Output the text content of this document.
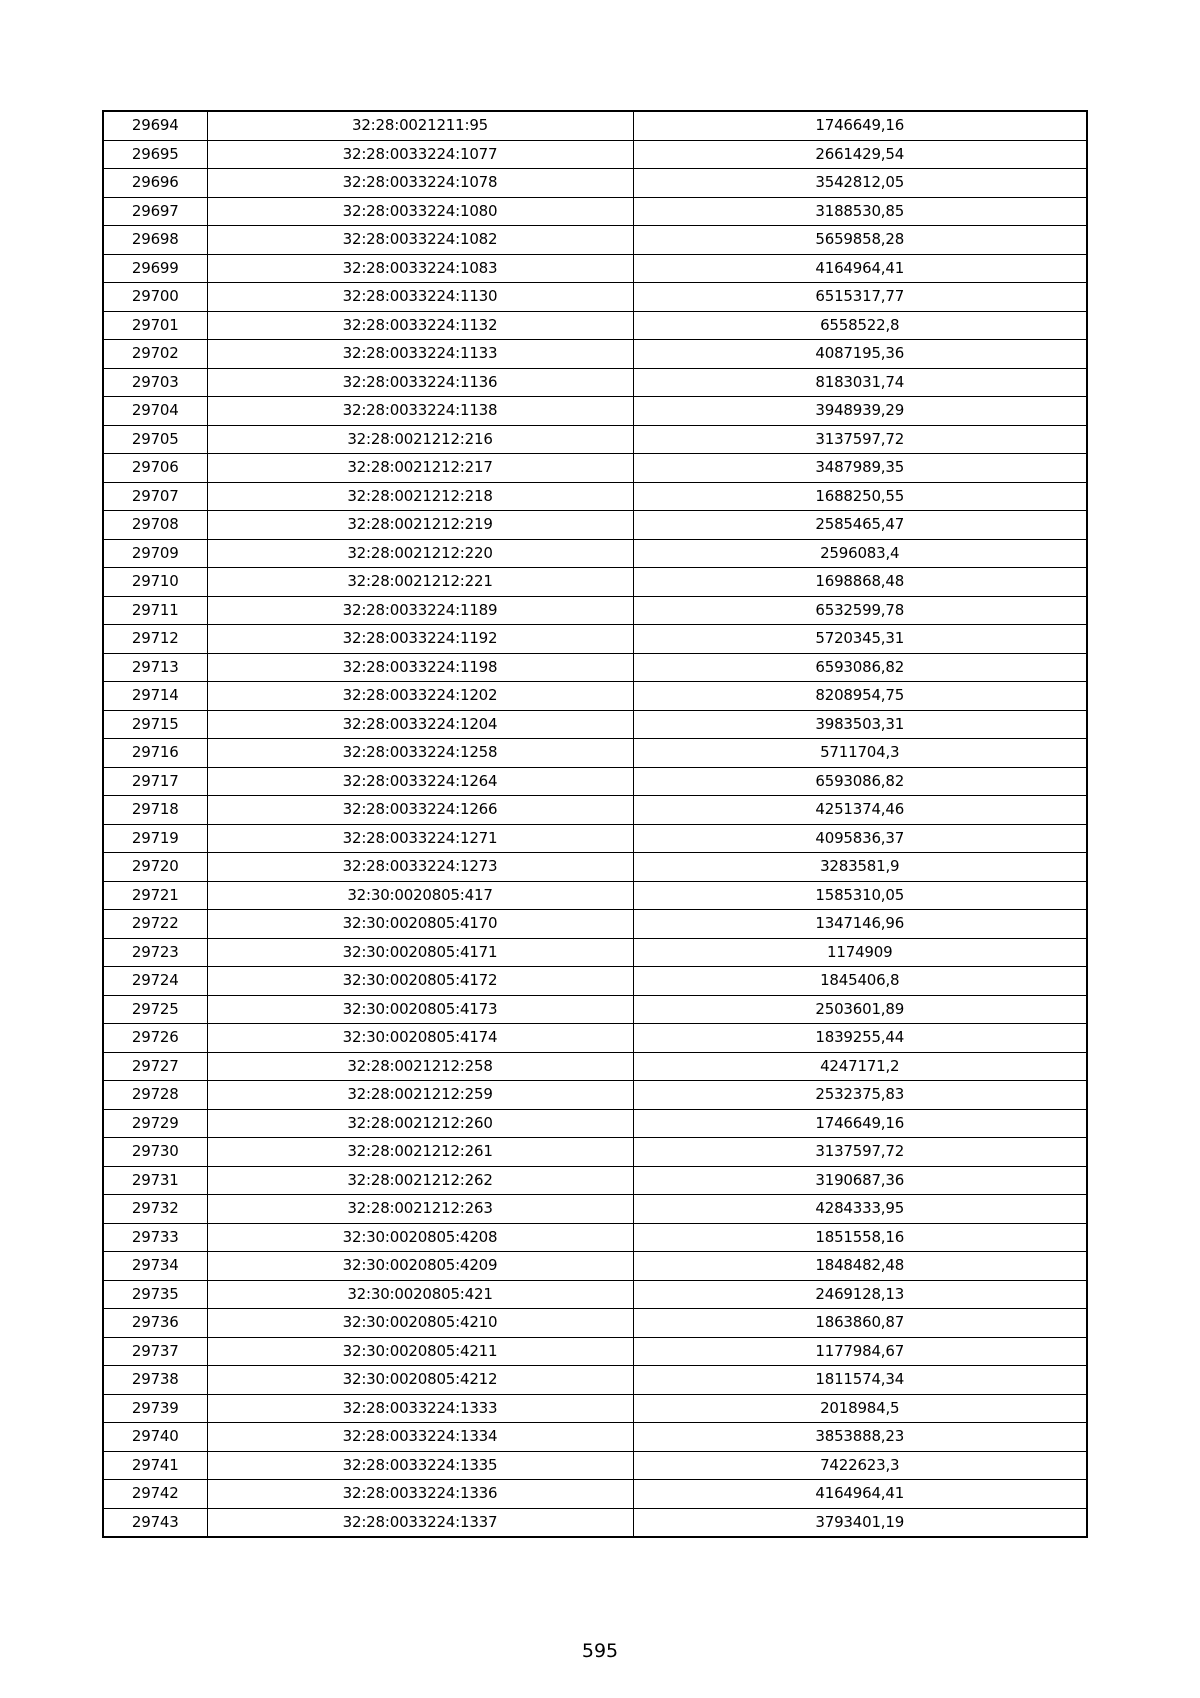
29694	32:28:0021211:95	1746649,16
29695	32:28:0033224:1077	2661429,54
29696	32:28:0033224:1078	3542812,05
29697	32:28:0033224:1080	3188530,85
29698	32:28:0033224:1082	5659858,28
29699	32:28:0033224:1083	4164964,41
29700	32:28:0033224:1130	6515317,77
29701	32:28:0033224:1132	6558522,8
29702	32:28:0033224:1133	4087195,36
29703	32:28:0033224:1136	8183031,74
29704	32:28:0033224:1138	3948939,29
29705	32:28:0021212:216	3137597,72
29706	32:28:0021212:217	3487989,35
29707	32:28:0021212:218	1688250,55
29708	32:28:0021212:219	2585465,47
29709	32:28:0021212:220	2596083,4
29710	32:28:0021212:221	1698868,48
29711	32:28:0033224:1189	6532599,78
29712	32:28:0033224:1192	5720345,31
29713	32:28:0033224:1198	6593086,82
29714	32:28:0033224:1202	8208954,75
29715	32:28:0033224:1204	3983503,31
29716	32:28:0033224:1258	5711704,3
29717	32:28:0033224:1264	6593086,82
29718	32:28:0033224:1266	4251374,46
29719	32:28:0033224:1271	4095836,37
29720	32:28:0033224:1273	3283581,9
29721	32:30:0020805:417	1585310,05
29722	32:30:0020805:4170	1347146,96
29723	32:30:0020805:4171	1174909
29724	32:30:0020805:4172	1845406,8
29725	32:30:0020805:4173	2503601,89
29726	32:30:0020805:4174	1839255,44
29727	32:28:0021212:258	4247171,2
29728	32:28:0021212:259	2532375,83
29729	32:28:0021212:260	1746649,16
29730	32:28:0021212:261	3137597,72
29731	32:28:0021212:262	3190687,36
29732	32:28:0021212:263	4284333,95
29733	32:30:0020805:4208	1851558,16
29734	32:30:0020805:4209	1848482,48
29735	32:30:0020805:421	2469128,13
29736	32:30:0020805:4210	1863860,87
29737	32:30:0020805:4211	1177984,67
29738	32:30:0020805:4212	1811574,34
29739	32:28:0033224:1333	2018984,5
29740	32:28:0033224:1334	3853888,23
29741	32:28:0033224:1335	7422623,3
29742	32:28:0033224:1336	4164964,41
29743	32:28:0033224:1337	3793401,19
595
